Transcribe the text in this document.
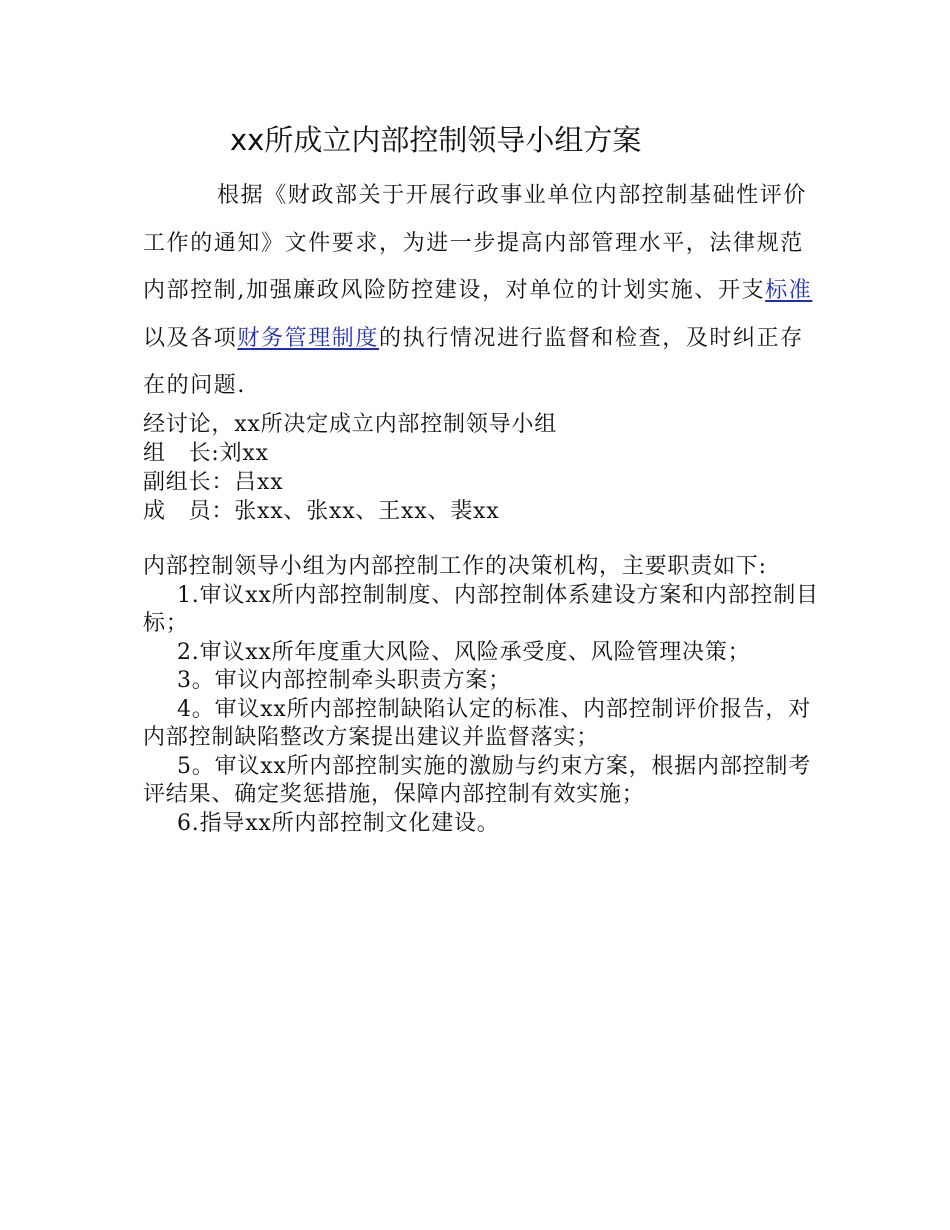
xx所成立内部控制领导小组方案

根据《财政部关于开展行政事业单位内部控制基础性评价工作的通知》文件要求，为进一步提高内部管理水平，法律规范内部控制,加强廉政风险防控建设，对单位的计划实施、开支标准以及各项财务管理制度的执行情况进行监督和检查，及时纠正存在的问题.

经讨论，xx所决定成立内部控制领导小组
组　长:刘xx
副组长：吕xx
成　员：张xx、张xx、王xx、裴xx
内部控制领导小组为内部控制工作的决策机构，主要职责如下:
1.审议xx所内部控制制度、内部控制体系建设方案和内部控制目标；
2.审议xx所年度重大风险、风险承受度、风险管理决策；
3。审议内部控制牵头职责方案；
4。审议xx所内部控制缺陷认定的标准、内部控制评价报告，对内部控制缺陷整改方案提出建议并监督落实；
5。审议xx所内部控制实施的激励与约束方案，根据内部控制考评结果、确定奖惩措施，保障内部控制有效实施；
6.指导xx所内部控制文化建设。
